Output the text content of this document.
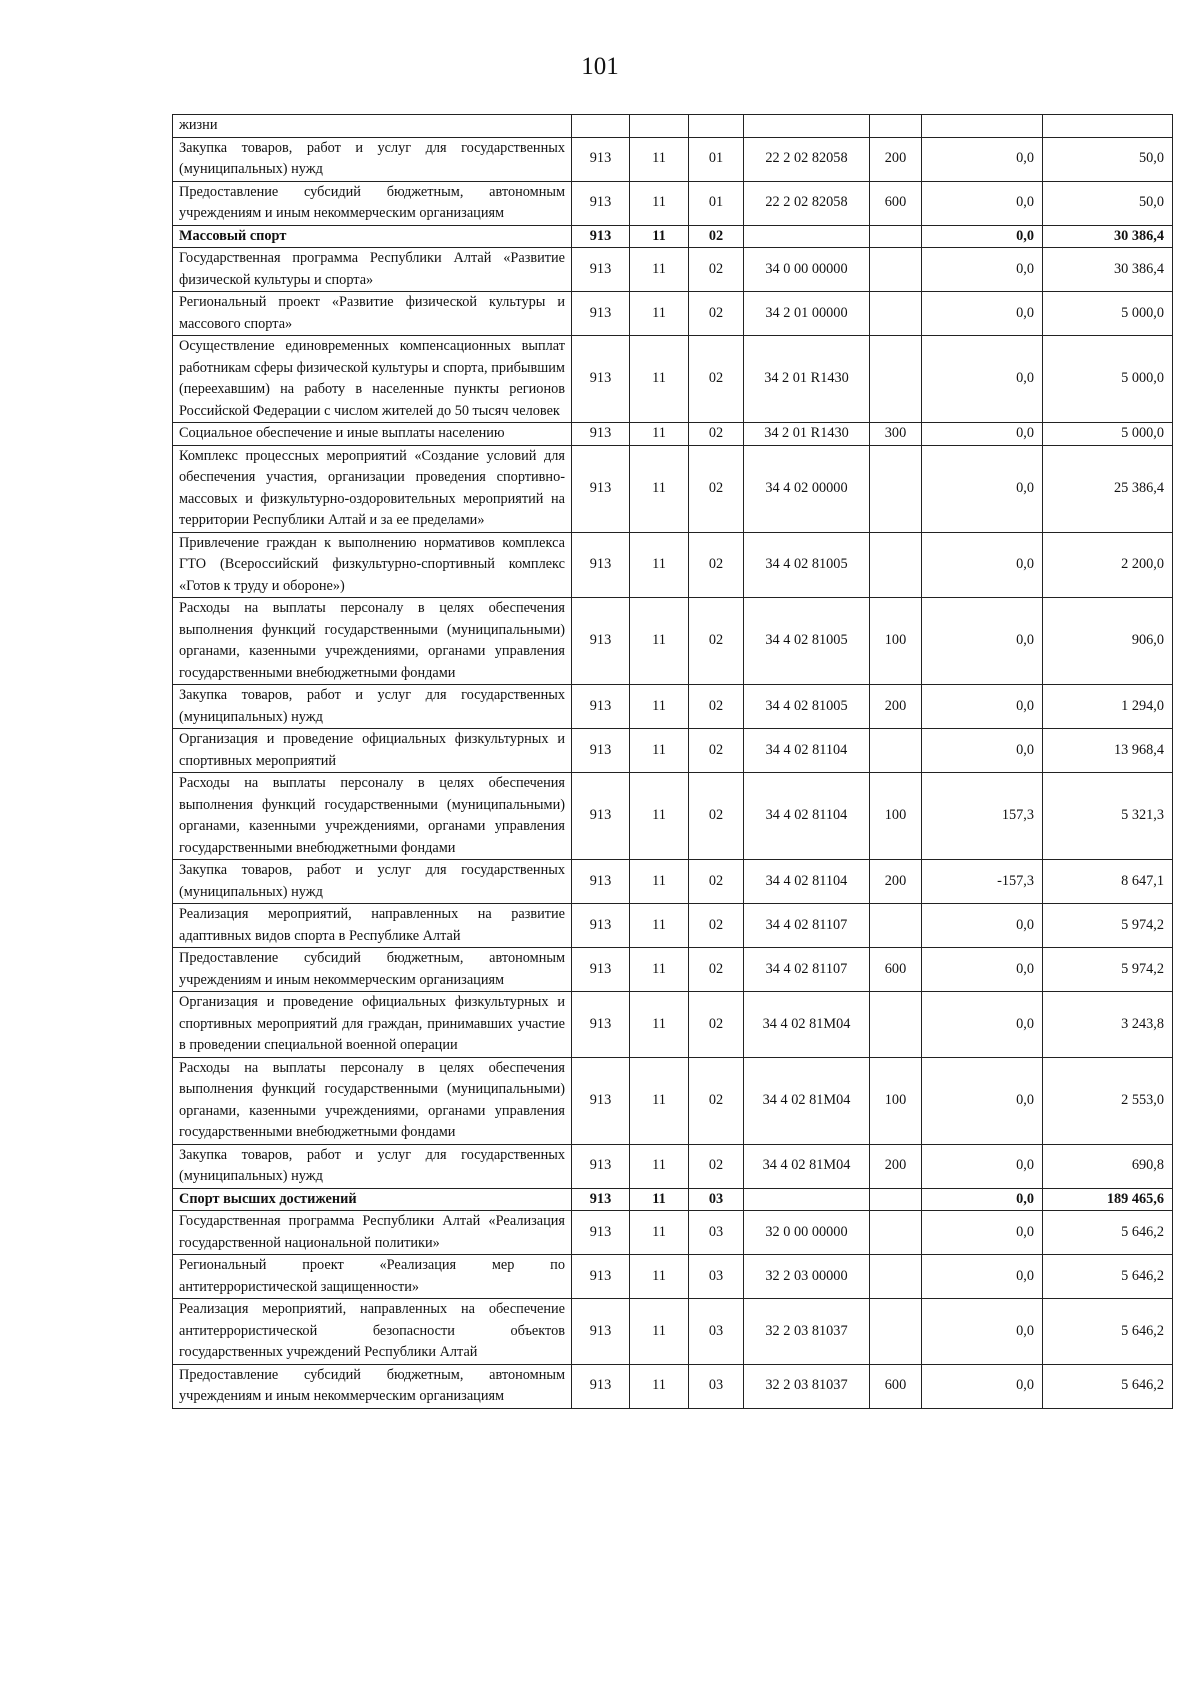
101
жизни							
Закупка товаров, работ и услуг для государственных (муниципальных) нужд	913	11	01	22 2 02 82058	200	0,0	50,0
Предоставление субсидий бюджетным, автономным учреждениям и иным некоммерческим организациям	913	11	01	22 2 02 82058	600	0,0	50,0
Массовый спорт	913	11	02			0,0	30 386,4
Государственная программа Республики Алтай «Развитие физической культуры и спорта»	913	11	02	34 0 00 00000		0,0	30 386,4
Региональный проект «Развитие физической культуры и массового спорта»	913	11	02	34 2 01 00000		0,0	5 000,0
Осуществление единовременных компенсационных выплат работникам сферы физической культуры и спорта, прибывшим (переехавшим) на работу в населенные пункты регионов Российской Федерации с числом жителей до 50 тысяч человек	913	11	02	34 2 01 R1430		0,0	5 000,0
Социальное обеспечение и иные выплаты населению	913	11	02	34 2 01 R1430	300	0,0	5 000,0
Комплекс процессных мероприятий «Создание условий для обеспечения участия, организации проведения спортивно-массовых и физкультурно-оздоровительных мероприятий на территории Республики Алтай и за ее пределами»	913	11	02	34 4 02 00000		0,0	25 386,4
Привлечение граждан к выполнению нормативов комплекса ГТО (Всероссийский физкультурно-спортивный комплекс «Готов к труду и обороне»)	913	11	02	34 4 02 81005		0,0	2 200,0
Расходы на выплаты персоналу в целях обеспечения выполнения функций государственными (муниципальными) органами, казенными учреждениями, органами управления государственными внебюджетными фондами	913	11	02	34 4 02 81005	100	0,0	906,0
Закупка товаров, работ и услуг для государственных (муниципальных) нужд	913	11	02	34 4 02 81005	200	0,0	1 294,0
Организация и проведение официальных физкультурных и спортивных мероприятий	913	11	02	34 4 02 81104		0,0	13 968,4
Расходы на выплаты персоналу в целях обеспечения выполнения функций государственными (муниципальными) органами, казенными учреждениями, органами управления государственными внебюджетными фондами	913	11	02	34 4 02 81104	100	157,3	5 321,3
Закупка товаров, работ и услуг для государственных (муниципальных) нужд	913	11	02	34 4 02 81104	200	-157,3	8 647,1
Реализация мероприятий, направленных на развитие адаптивных видов спорта в Республике Алтай	913	11	02	34 4 02 81107		0,0	5 974,2
Предоставление субсидий бюджетным, автономным учреждениям и иным некоммерческим организациям	913	11	02	34 4 02 81107	600	0,0	5 974,2
Организация и проведение официальных физкультурных и спортивных мероприятий для граждан, принимавших участие в проведении специальной военной операции	913	11	02	34 4 02 81М04		0,0	3 243,8
Расходы на выплаты персоналу в целях обеспечения выполнения функций государственными (муниципальными) органами, казенными учреждениями, органами управления государственными внебюджетными фондами	913	11	02	34 4 02 81М04	100	0,0	2 553,0
Закупка товаров, работ и услуг для государственных (муниципальных) нужд	913	11	02	34 4 02 81М04	200	0,0	690,8
Спорт высших достижений	913	11	03			0,0	189 465,6
Государственная программа Республики Алтай «Реализация государственной национальной политики»	913	11	03	32 0 00 00000		0,0	5 646,2
Региональный проект «Реализация мер по антитеррористической защищенности»	913	11	03	32 2 03 00000		0,0	5 646,2
Реализация мероприятий, направленных на обеспечение антитеррористической безопасности объектов государственных учреждений Республики Алтай	913	11	03	32 2 03 81037		0,0	5 646,2
Предоставление субсидий бюджетным, автономным учреждениям и иным некоммерческим организациям	913	11	03	32 2 03 81037	600	0,0	5 646,2
